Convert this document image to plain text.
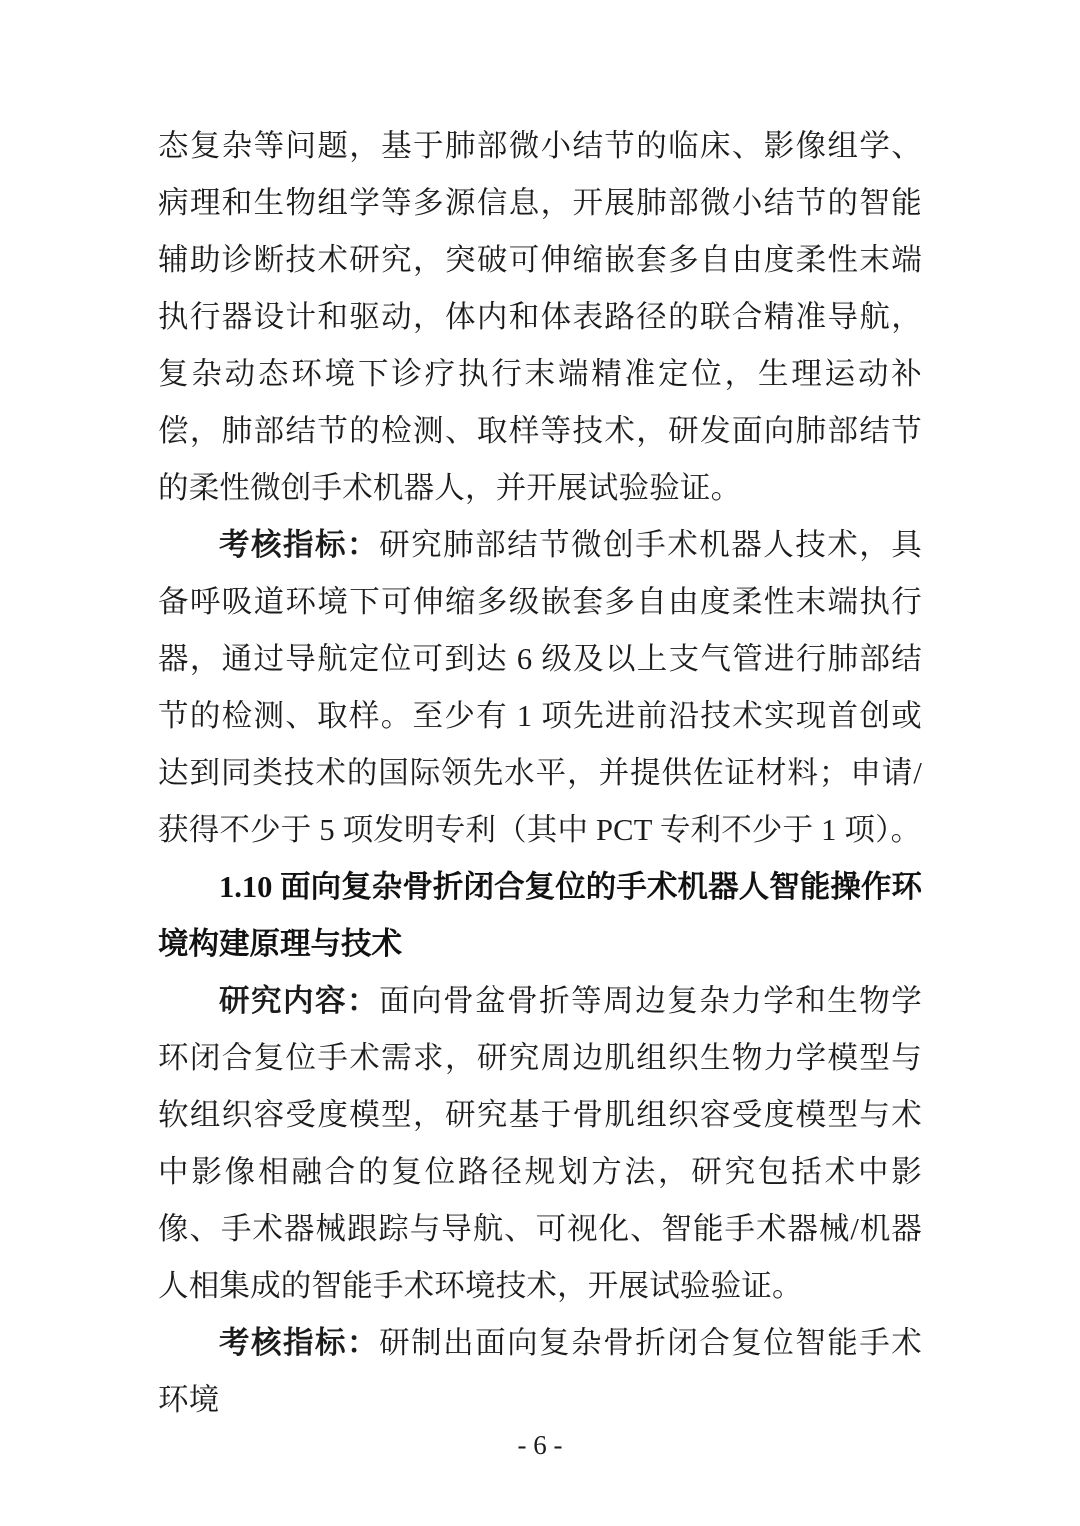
态复杂等问题，基于肺部微小结节的临床、影像组学、病理和生物组学等多源信息，开展肺部微小结节的智能辅助诊断技术研究，突破可伸缩嵌套多自由度柔性末端执行器设计和驱动，体内和体表路径的联合精准导航，复杂动态环境下诊疗执行末端精准定位，生理运动补偿，肺部结节的检测、取样等技术，研发面向肺部结节的柔性微创手术机器人，并开展试验验证。

考核指标：研究肺部结节微创手术机器人技术，具备呼吸道环境下可伸缩多级嵌套多自由度柔性末端执行器，通过导航定位可到达 6 级及以上支气管进行肺部结节的检测、取样。至少有 1 项先进前沿技术实现首创或达到同类技术的国际领先水平，并提供佐证材料；申请/获得不少于 5 项发明专利（其中 PCT 专利不少于 1 项）。

1.10 面向复杂骨折闭合复位的手术机器人智能操作环境构建原理与技术

研究内容：面向骨盆骨折等周边复杂力学和生物学环闭合复位手术需求，研究周边肌组织生物力学模型与软组织容受度模型，研究基于骨肌组织容受度模型与术中影像相融合的复位路径规划方法，研究包括术中影像、手术器械跟踪与导航、可视化、智能手术器械/机器人相集成的智能手术环境技术，开展试验验证。

考核指标：研制出面向复杂骨折闭合复位智能手术环境

- 6 -
